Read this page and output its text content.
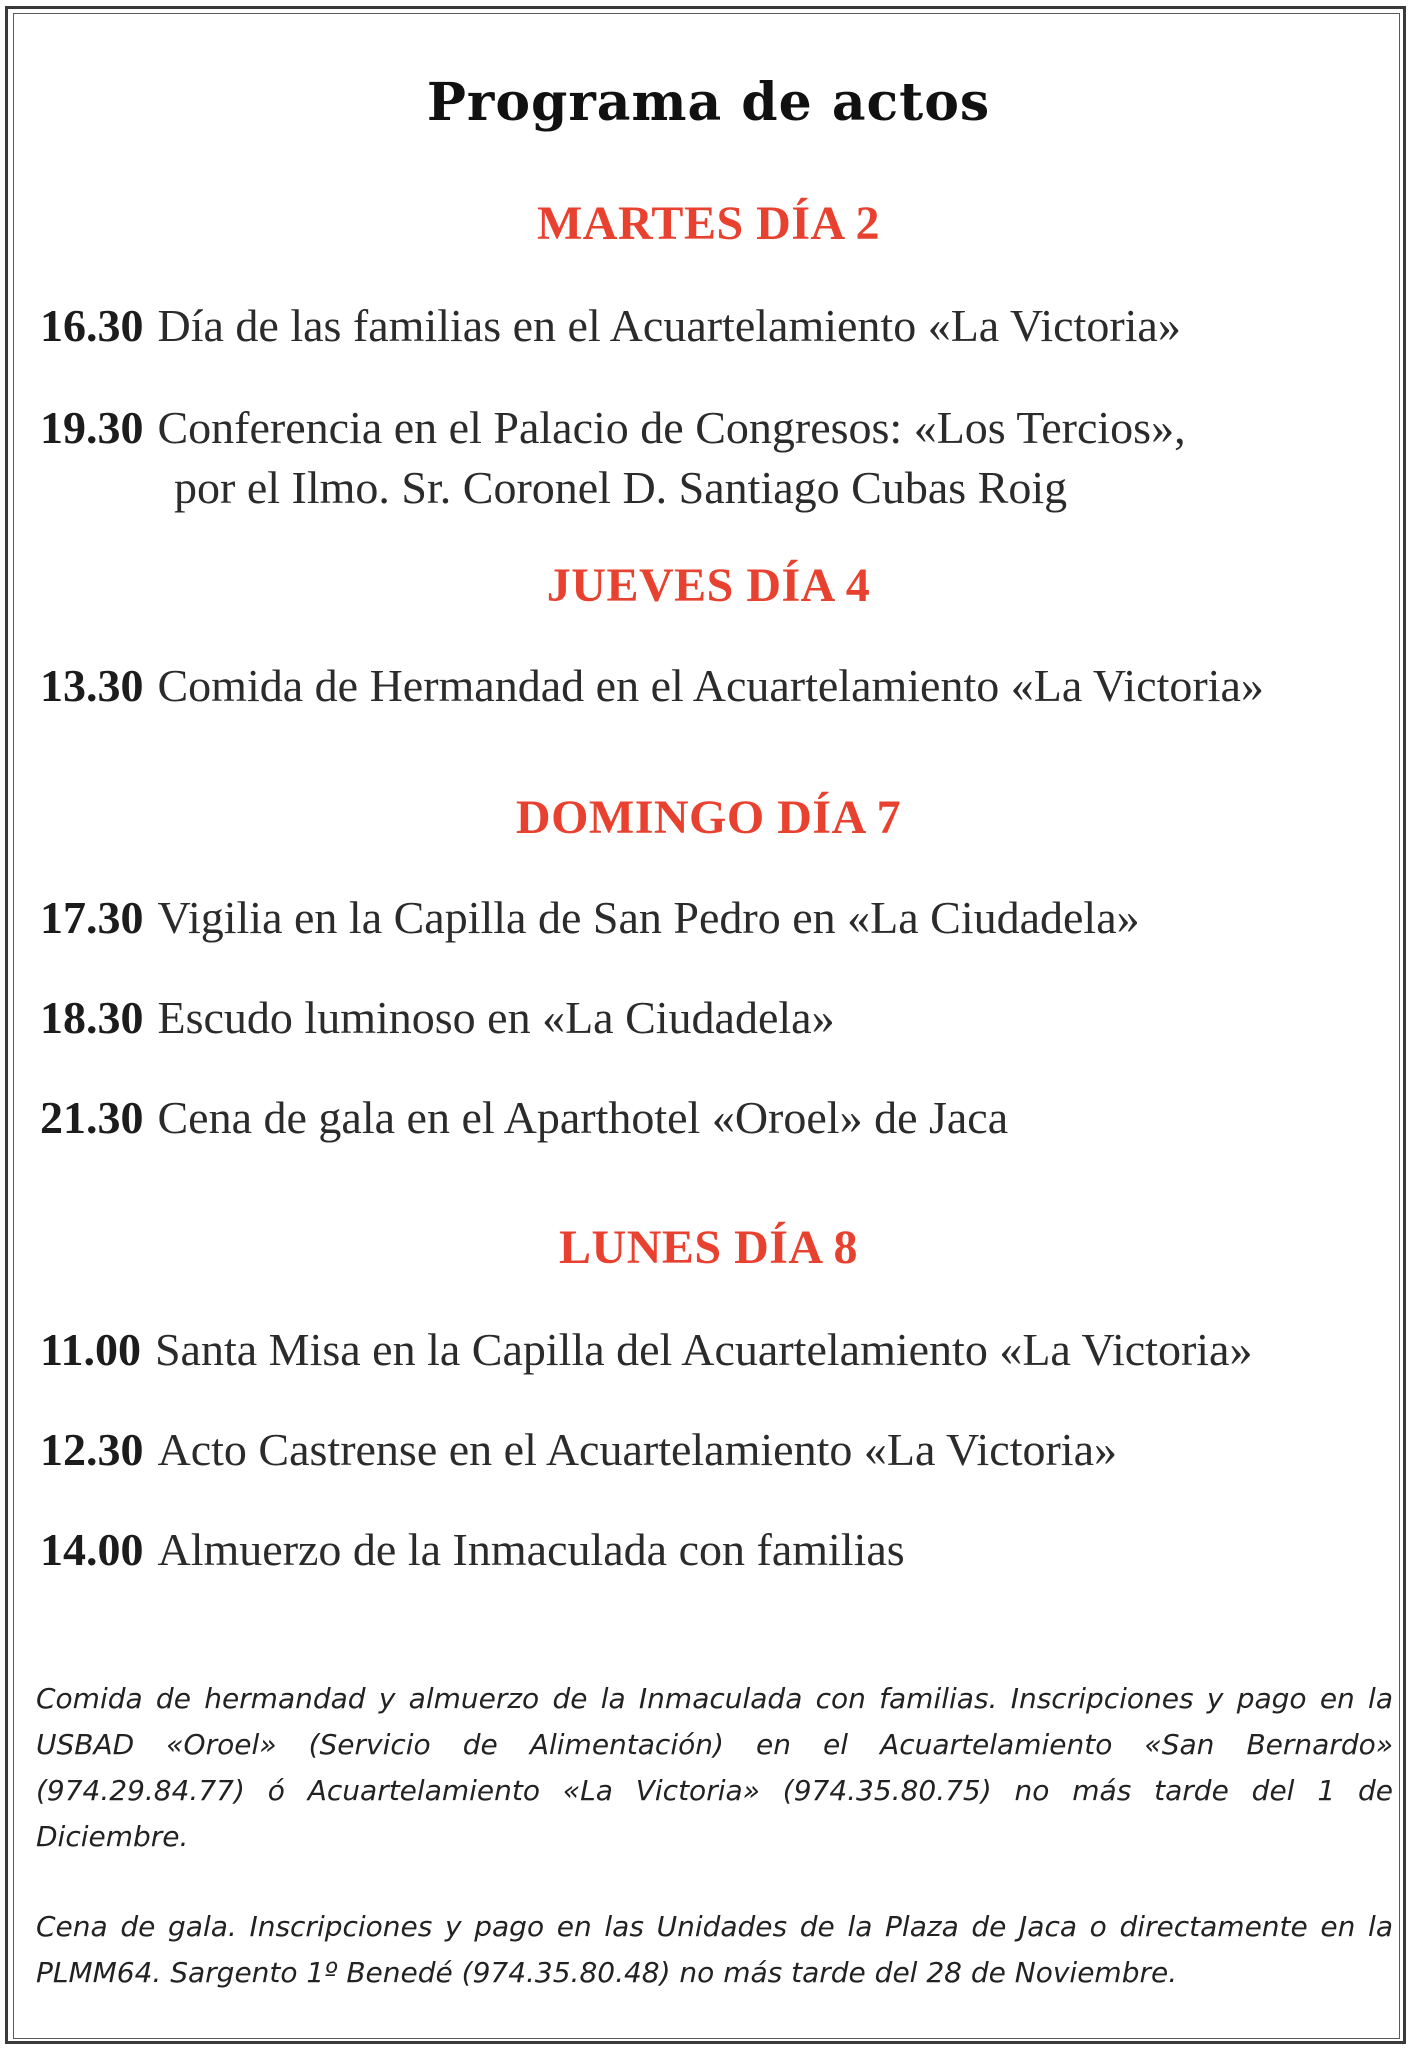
Programa de actos
MARTES DÍA 2
16.30 Día de las familias en el Acuartelamiento «La Victoria»
19.30 Conferencia en el Palacio de Congresos: «Los Tercios»,
por el Ilmo. Sr. Coronel D. Santiago Cubas Roig
JUEVES DÍA 4
13.30 Comida de Hermandad en el Acuartelamiento «La Victoria»
DOMINGO DÍA 7
17.30 Vigilia en la Capilla de San Pedro en «La Ciudadela»
18.30 Escudo luminoso en «La Ciudadela»
21.30 Cena de gala en el Aparthotel «Oroel» de Jaca
LUNES DÍA 8
11.00 Santa Misa en la Capilla del Acuartelamiento «La Victoria»
12.30 Acto Castrense en el Acuartelamiento «La Victoria»
14.00 Almuerzo de la Inmaculada con familias
Comida de hermandad y almuerzo de la Inmaculada con familias. Inscripciones y pago en la USBAD «Oroel» (Servicio de Alimentación) en el Acuartelamiento «San Bernardo» (974.29.84.77) ó Acuartelamiento «La Victoria» (974.35.80.75) no más tarde del 1 de Diciembre.
Cena de gala. Inscripciones y pago en las Unidades de la Plaza de Jaca o directamente en la PLMM64. Sargento 1º Benedé (974.35.80.48) no más tarde del 28 de Noviembre.
